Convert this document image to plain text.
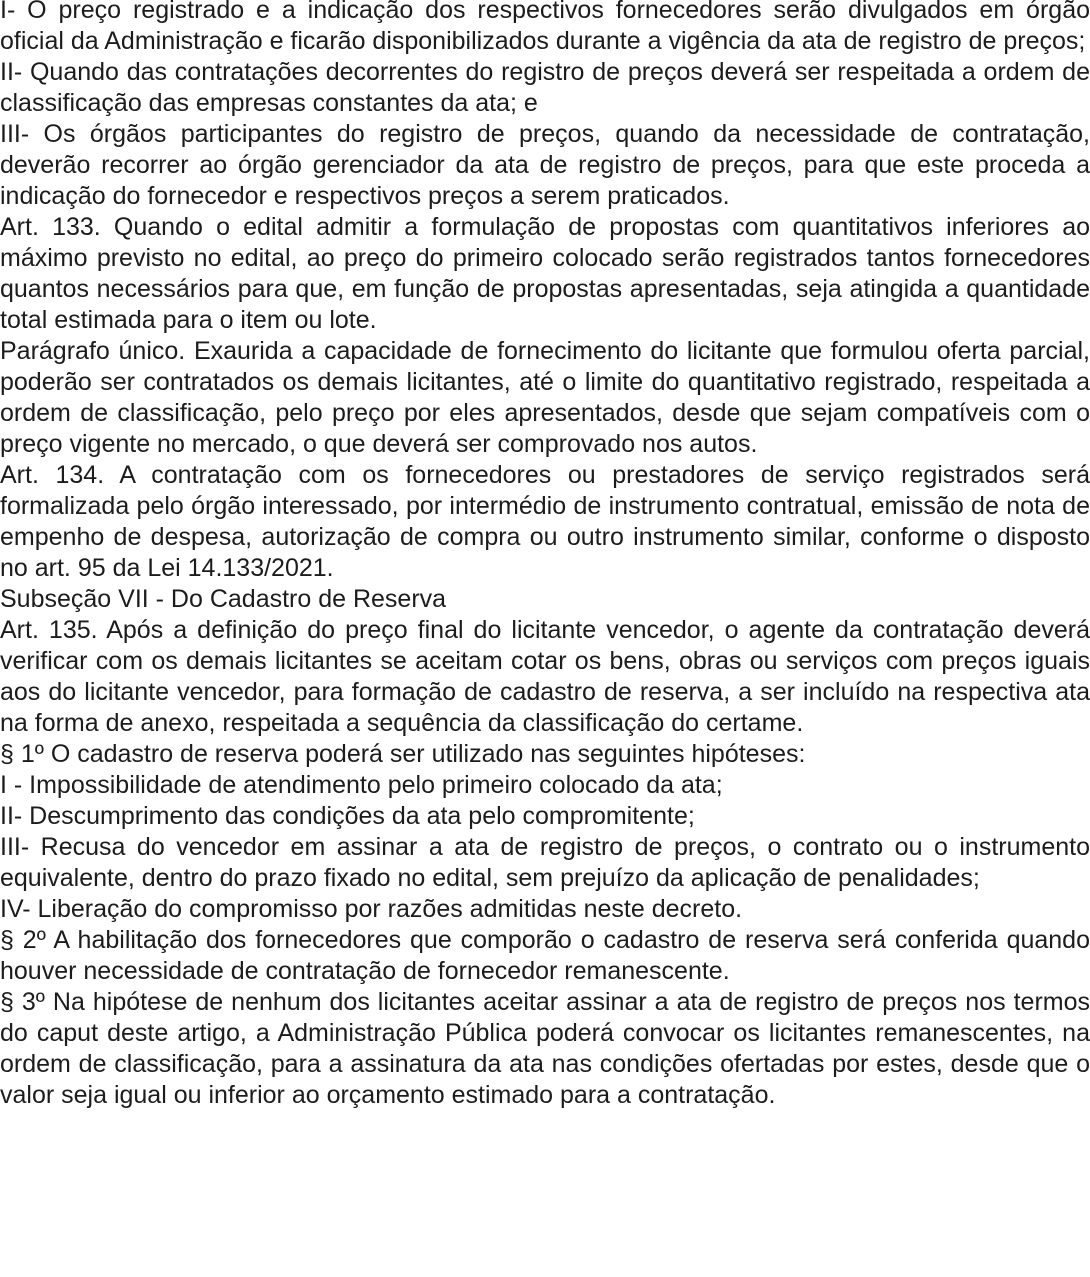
I- O preço registrado e a indicação dos respectivos fornecedores serão divulgados em órgão oficial da Administração e ficarão disponibilizados durante a vigência da ata de registro de preços;

II- Quando das contratações decorrentes do registro de preços deverá ser respeitada a ordem de classificação das empresas constantes da ata; e

III- Os órgãos participantes do registro de preços, quando da necessidade de contratação, deverão recorrer ao órgão gerenciador da ata de registro de preços, para que este proceda a indicação do fornecedor e respectivos preços a serem praticados.

Art. 133. Quando o edital admitir a formulação de propostas com quantitativos inferiores ao máximo previsto no edital, ao preço do primeiro colocado serão registrados tantos fornecedores quantos necessários para que, em função de propostas apresentadas, seja atingida a quantidade total estimada para o item ou lote.

Parágrafo único. Exaurida a capacidade de fornecimento do licitante que formulou oferta parcial, poderão ser contratados os demais licitantes, até o limite do quantitativo registrado, respeitada a ordem de classificação, pelo preço por eles apresentados, desde que sejam compatíveis com o preço vigente no mercado, o que deverá ser comprovado nos autos.

Art. 134. A contratação com os fornecedores ou prestadores de serviço registrados será formalizada pelo órgão interessado, por intermédio de instrumento contratual, emissão de nota de empenho de despesa, autorização de compra ou outro instrumento similar, conforme o disposto no art. 95 da Lei 14.133/2021.

Subseção VII - Do Cadastro de Reserva

Art. 135. Após a definição do preço final do licitante vencedor, o agente da contratação deverá verificar com os demais licitantes se aceitam cotar os bens, obras ou serviços com preços iguais aos do licitante vencedor, para formação de cadastro de reserva, a ser incluído na respectiva ata na forma de anexo, respeitada a sequência da classificação do certame.

§ 1º O cadastro de reserva poderá ser utilizado nas seguintes hipóteses:

I - Impossibilidade de atendimento pelo primeiro colocado da ata;

II- Descumprimento das condições da ata pelo compromitente;

III- Recusa do vencedor em assinar a ata de registro de preços, o contrato ou o instrumento equivalente, dentro do prazo fixado no edital, sem prejuízo da aplicação de penalidades;

IV- Liberação do compromisso por razões admitidas neste decreto.

§ 2º A habilitação dos fornecedores que comporão o cadastro de reserva será conferida quando houver necessidade de contratação de fornecedor remanescente.

§ 3º Na hipótese de nenhum dos licitantes aceitar assinar a ata de registro de preços nos termos do caput deste artigo, a Administração Pública poderá convocar os licitantes remanescentes, na ordem de classificação, para a assinatura da ata nas condições ofertadas por estes, desde que o valor seja igual ou inferior ao orçamento estimado para a contratação.
